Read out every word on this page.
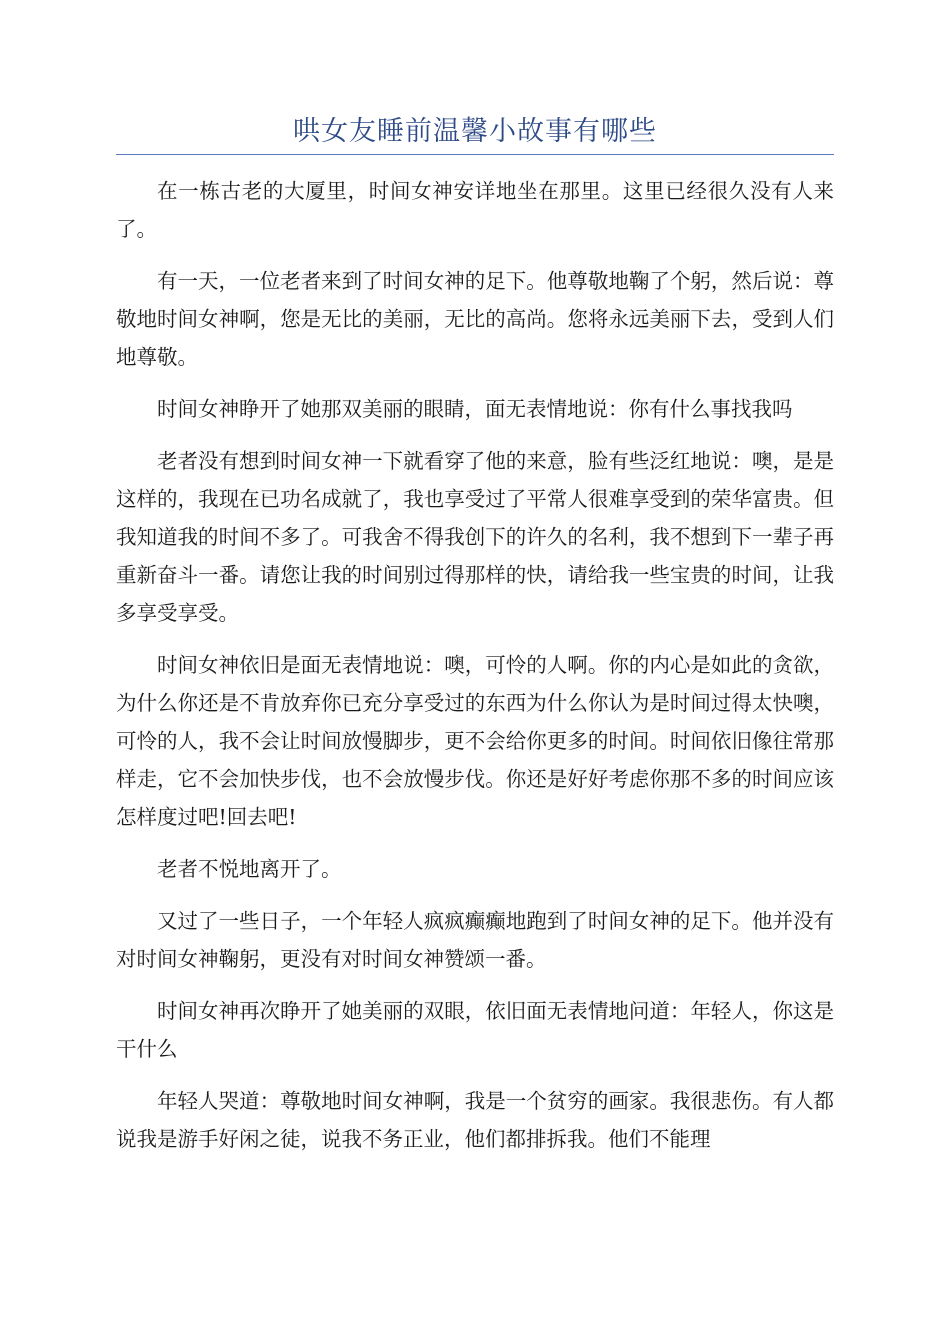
哄女友睡前温馨小故事有哪些

在一栋古老的大厦里，时间女神安详地坐在那里。这里已经很久没有人来了。

有一天，一位老者来到了时间女神的足下。他尊敬地鞠了个躬，然后说：尊敬地时间女神啊，您是无比的美丽，无比的高尚。您将永远美丽下去，受到人们地尊敬。

时间女神睁开了她那双美丽的眼睛，面无表情地说：你有什么事找我吗

老者没有想到时间女神一下就看穿了他的来意，脸有些泛红地说：噢，是是这样的，我现在已功名成就了，我也享受过了平常人很难享受到的荣华富贵。但我知道我的时间不多了。可我舍不得我创下的许久的名利，我不想到下一辈子再重新奋斗一番。请您让我的时间别过得那样的快，请给我一些宝贵的时间，让我多享受享受。

时间女神依旧是面无表情地说：噢，可怜的人啊。你的内心是如此的贪欲，为什么你还是不肯放弃你已充分享受过的东西为什么你认为是时间过得太快噢，可怜的人，我不会让时间放慢脚步，更不会给你更多的时间。时间依旧像往常那样走，它不会加快步伐，也不会放慢步伐。你还是好好考虑你那不多的时间应该怎样度过吧!回去吧!

老者不悦地离开了。

又过了一些日子，一个年轻人疯疯癫癫地跑到了时间女神的足下。他并没有对时间女神鞠躬，更没有对时间女神赞颂一番。

时间女神再次睁开了她美丽的双眼，依旧面无表情地问道：年轻人，你这是干什么

年轻人哭道：尊敬地时间女神啊，我是一个贫穷的画家。我很悲伤。有人都说我是游手好闲之徒，说我不务正业，他们都排拆我。他们不能理
